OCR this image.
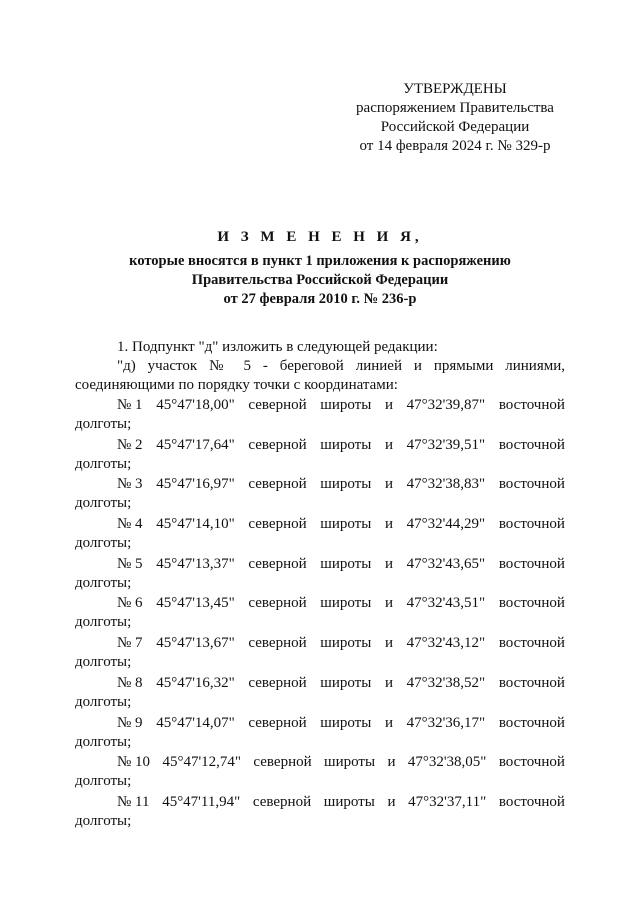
УТВЕРЖДЕНЫ
распоряжением Правительства
Российской Федерации
от 14 февраля 2024 г. № 329-р
И З М Е Н Е Н И Я,
которые вносятся в пункт 1 приложения к распоряжению
Правительства Российской Федерации
от 27 февраля 2010 г. № 236-р
1. Подпункт "д" изложить в следующей редакции:
"д) участок № 5 - береговой линией и прямыми линиями,
соединяющими по порядку точки с координатами:
№ 1 45°47'18,00" северной широты и 47°32'39,87" восточной
долготы;
№ 2 45°47'17,64" северной широты и 47°32'39,51" восточной
долготы;
№ 3 45°47'16,97" северной широты и 47°32'38,83" восточной
долготы;
№ 4 45°47'14,10" северной широты и 47°32'44,29" восточной
долготы;
№ 5 45°47'13,37" северной широты и 47°32'43,65" восточной
долготы;
№ 6 45°47'13,45" северной широты и 47°32'43,51" восточной
долготы;
№ 7 45°47'13,67" северной широты и 47°32'43,12" восточной
долготы;
№ 8 45°47'16,32" северной широты и 47°32'38,52" восточной
долготы;
№ 9 45°47'14,07" северной широты и 47°32'36,17" восточной
долготы;
№ 10 45°47'12,74" северной широты и 47°32'38,05" восточной
долготы;
№ 11 45°47'11,94" северной широты и 47°32'37,11" восточной
долготы;
